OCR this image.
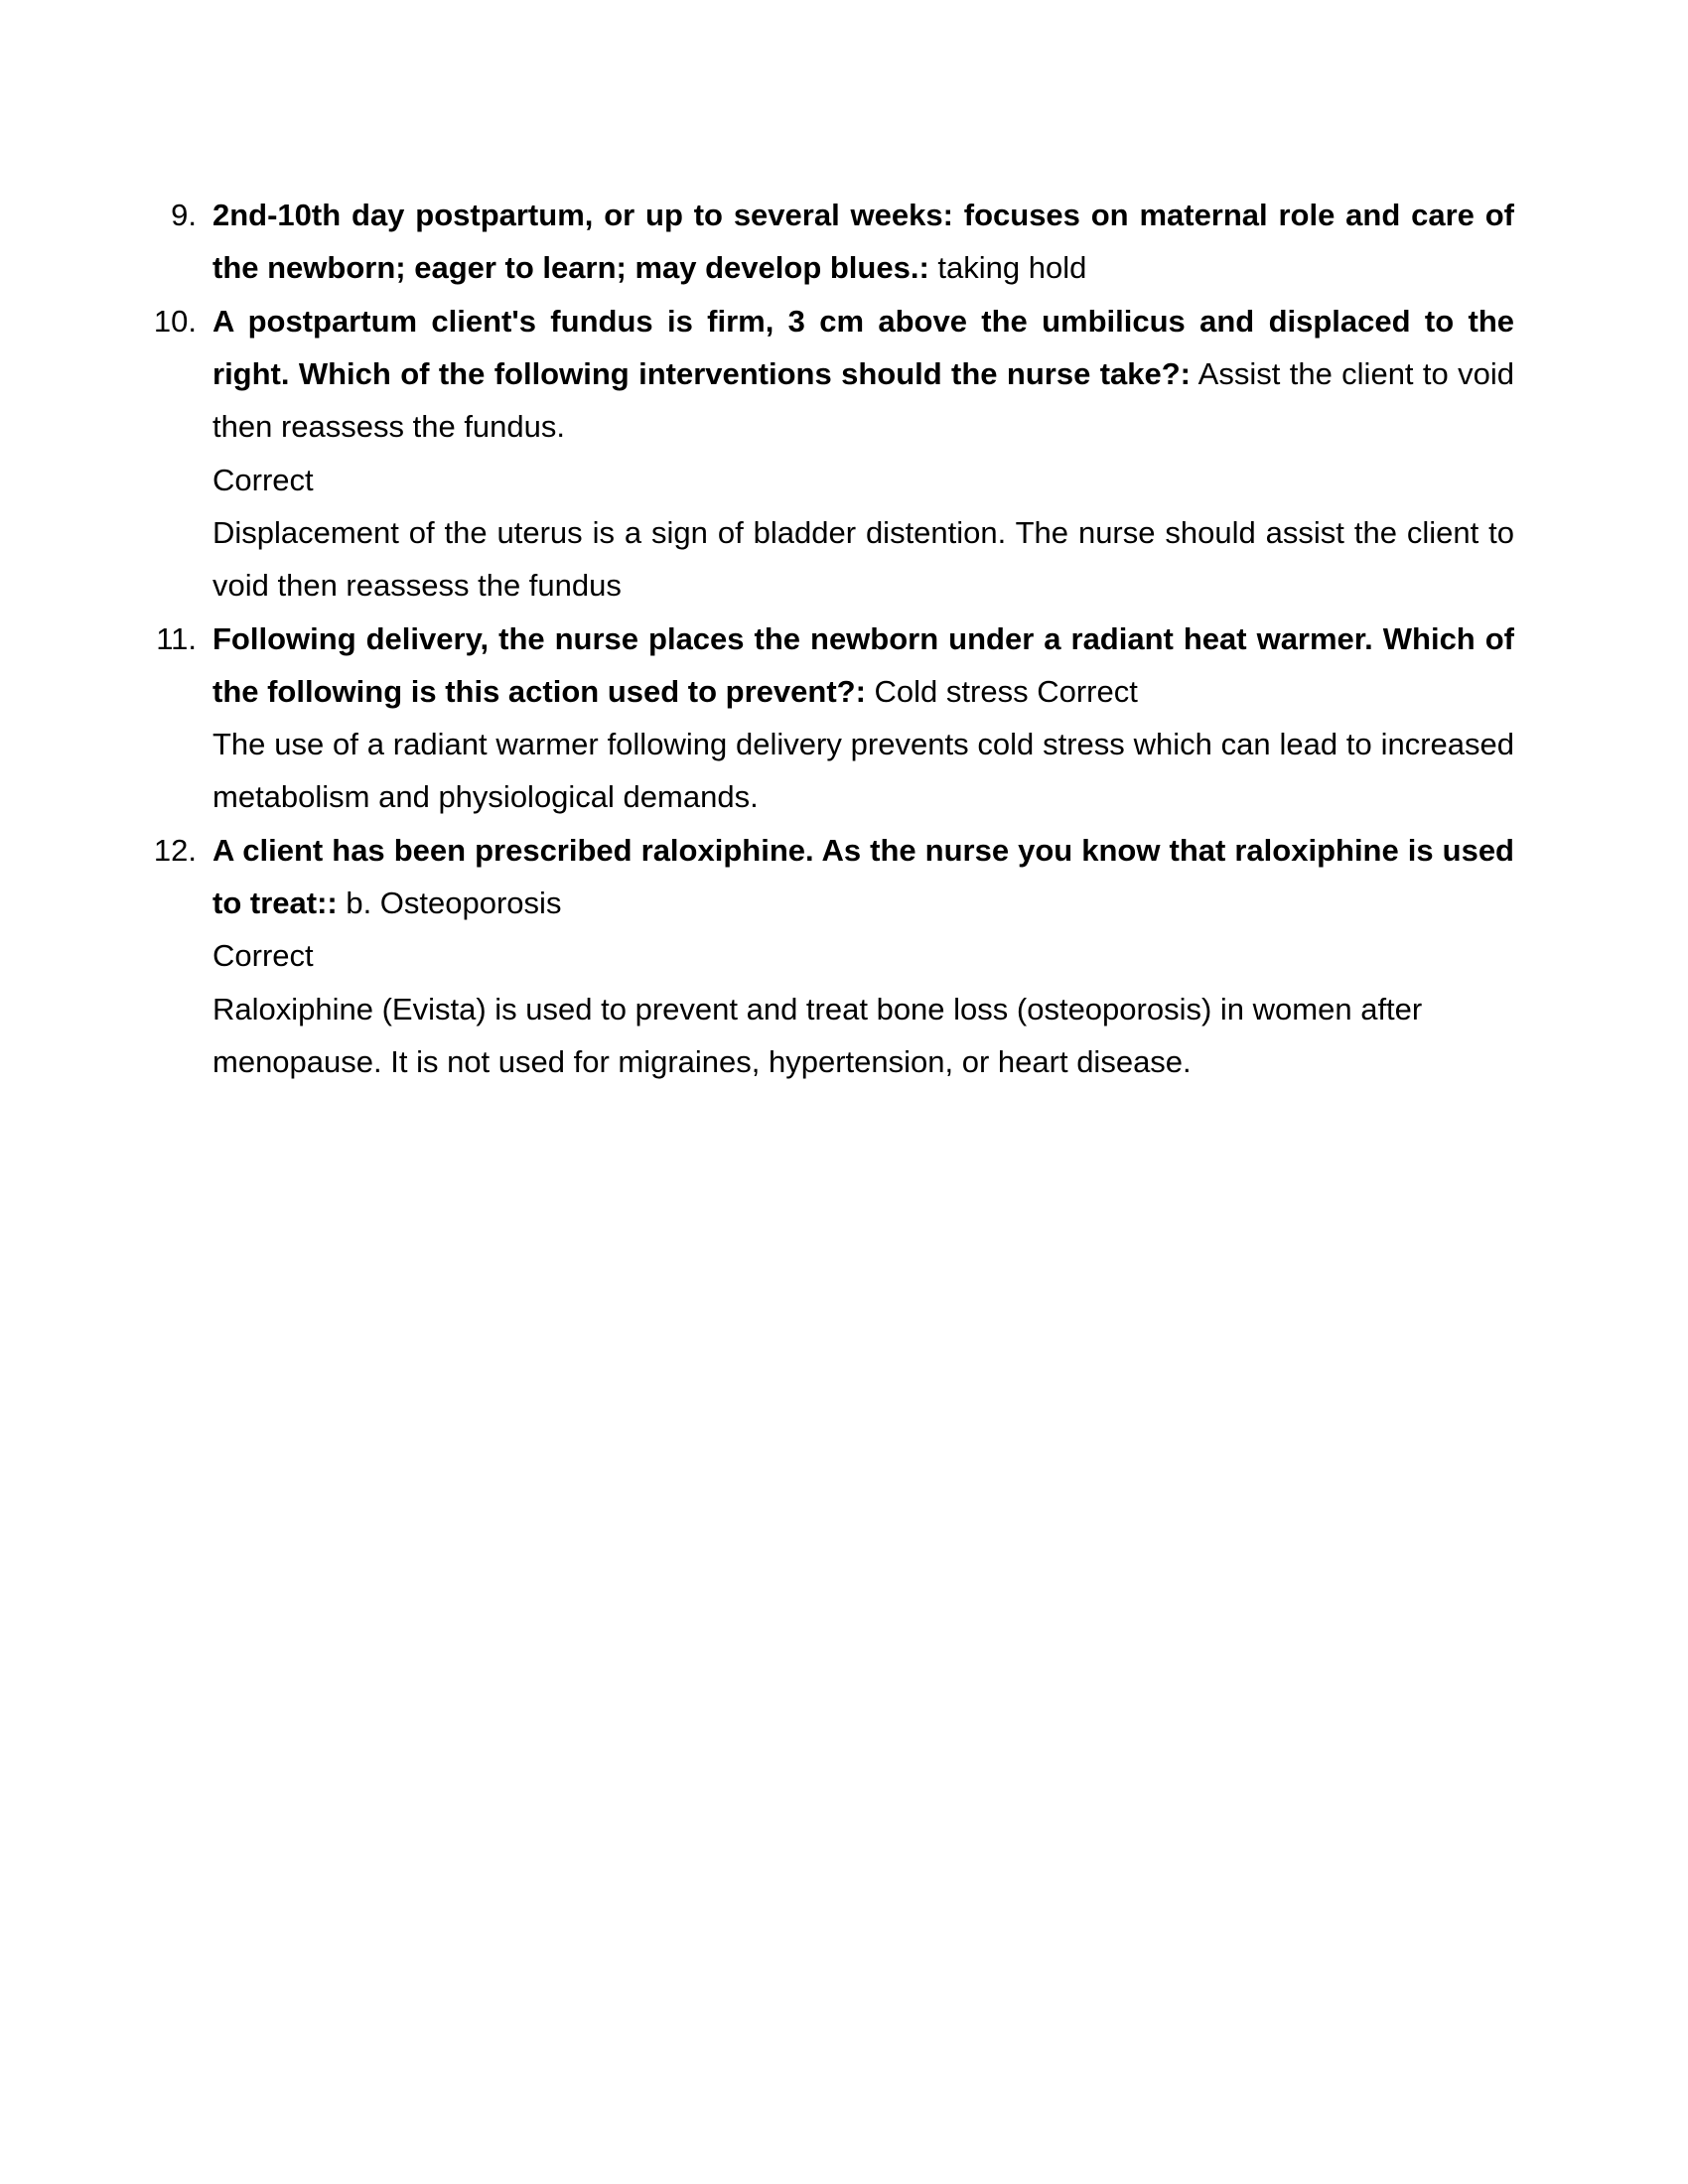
9. 2nd-10th day postpartum, or up to several weeks: focuses on maternal role and care of the newborn; eager to learn; may develop blues.: taking hold

10. A postpartum client's fundus is firm, 3 cm above the umbilicus and displaced to the right. Which of the following interventions should the nurse take?: Assist the client to void then reassess the fundus.

Correct

Displacement of the uterus is a sign of bladder distention. The nurse should assist the client to void then reassess the fundus

11. Following delivery, the nurse places the newborn under a radiant heat warmer. Which of the following is this action used to prevent?: Cold stress Correct

The use of a radiant warmer following delivery prevents cold stress which can lead to increased metabolism and physiological demands.

12. A client has been prescribed raloxiphine. As the nurse you know that raloxiphine is used to treat:: b. Osteoporosis

Correct

Raloxiphine (Evista) is used to prevent and treat bone loss (osteoporosis) in women after menopause. It is not used for migraines, hypertension, or heart disease.
